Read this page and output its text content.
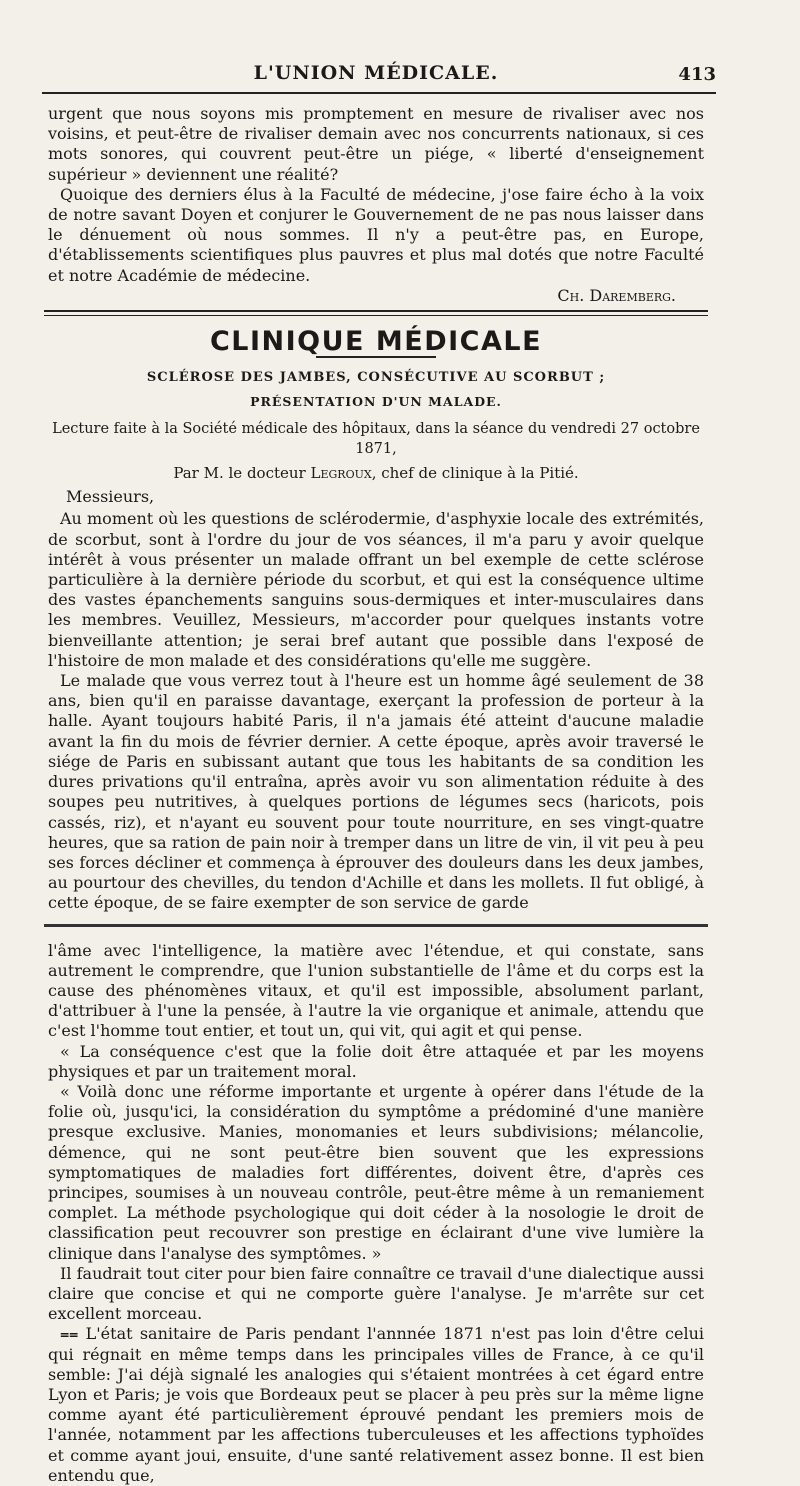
L'UNION MÉDICALE.	413

urgent que nous soyons mis promptement en mesure de rivaliser avec nos voisins, et peut-être de rivaliser demain avec nos concurrents nationaux, si ces mots sonores, qui couvrent peut-être un piége, « liberté d'enseignement supérieur » deviennent une réalité?

Quoique des derniers élus à la Faculté de médecine, j'ose faire écho à la voix de notre savant Doyen et conjurer le Gouvernement de ne pas nous laisser dans le dénuement où nous sommes. Il n'y a peut-être pas, en Europe, d'établissements scientifiques plus pauvres et plus mal dotés que notre Faculté et notre Académie de médecine.

Ch. Daremberg.

CLINIQUE MÉDICALE
SCLÉROSE DES JAMBES, CONSÉCUTIVE AU SCORBUT ;
PRÉSENTATION D'UN MALADE.
Lecture faite à la Société médicale des hôpitaux, dans la séance du vendredi 27 octobre 1871,
Par M. le docteur Legroux, chef de clinique à la Pitié.
Messieurs,

Au moment où les questions de sclérodermie, d'asphyxie locale des extrémités, de scorbut, sont à l'ordre du jour de vos séances, il m'a paru y avoir quelque intérêt à vous présenter un malade offrant un bel exemple de cette sclérose particulière à la dernière période du scorbut, et qui est la conséquence ultime des vastes épanchements sanguins sous-dermiques et inter-musculaires dans les membres. Veuillez, Messieurs, m'accorder pour quelques instants votre bienveillante attention; je serai bref autant que possible dans l'exposé de l'histoire de mon malade et des considérations qu'elle me suggère.

Le malade que vous verrez tout à l'heure est un homme âgé seulement de 38 ans, bien qu'il en paraisse davantage, exerçant la profession de porteur à la halle. Ayant toujours habité Paris, il n'a jamais été atteint d'aucune maladie avant la fin du mois de février dernier. A cette époque, après avoir traversé le siége de Paris en subissant autant que tous les habitants de sa condition les dures privations qu'il entraîna, après avoir vu son alimentation réduite à des soupes peu nutritives, à quelques portions de légumes secs (haricots, pois cassés, riz), et n'ayant eu souvent pour toute nourriture, en ses vingt-quatre heures, que sa ration de pain noir à tremper dans un litre de vin, il vit peu à peu ses forces décliner et commença à éprouver des douleurs dans les deux jambes, au pourtour des chevilles, du tendon d'Achille et dans les mollets. Il fut obligé, à cette époque, de se faire exempter de son service de garde

l'âme avec l'intelligence, la matière avec l'étendue, et qui constate, sans autrement le comprendre, que l'union substantielle de l'âme et du corps est la cause des phénomènes vitaux, et qu'il est impossible, absolument parlant, d'attribuer à l'une la pensée, à l'autre la vie organique et animale, attendu que c'est l'homme tout entier, et tout un, qui vit, qui agit et qui pense.

« La conséquence c'est que la folie doit être attaquée et par les moyens physiques et par un traitement moral.

« Voilà donc une réforme importante et urgente à opérer dans l'étude de la folie où, jusqu'ici, la considération du symptôme a prédominé d'une manière presque exclusive. Manies, monomanies et leurs subdivisions; mélancolie, démence, qui ne sont peut-être bien souvent que les expressions symptomatiques de maladies fort différentes, doivent être, d'après ces principes, soumises à un nouveau contrôle, peut-être même à un remaniement complet. La méthode psychologique qui doit céder à la nosologie le droit de classification peut recouvrer son prestige en éclairant d'une vive lumière la clinique dans l'analyse des symptômes. »

Il faudrait tout citer pour bien faire connaître ce travail d'une dialectique aussi claire que concise et qui ne comporte guère l'analyse. Je m'arrête sur cet excellent morceau.

⩵ L'état sanitaire de Paris pendant l'annnée 1871 n'est pas loin d'être celui qui régnait en même temps dans les principales villes de France, à ce qu'il semble: J'ai déjà signalé les analogies qui s'étaient montrées à cet égard entre Lyon et Paris; je vois que Bordeaux peut se placer à peu près sur la même ligne comme ayant été particulièrement éprouvé pendant les premiers mois de l'année, notamment par les affections tuberculeuses et les affections typhoïdes et comme ayant joui, ensuite, d'une santé relativement assez bonne. Il est bien entendu que,
